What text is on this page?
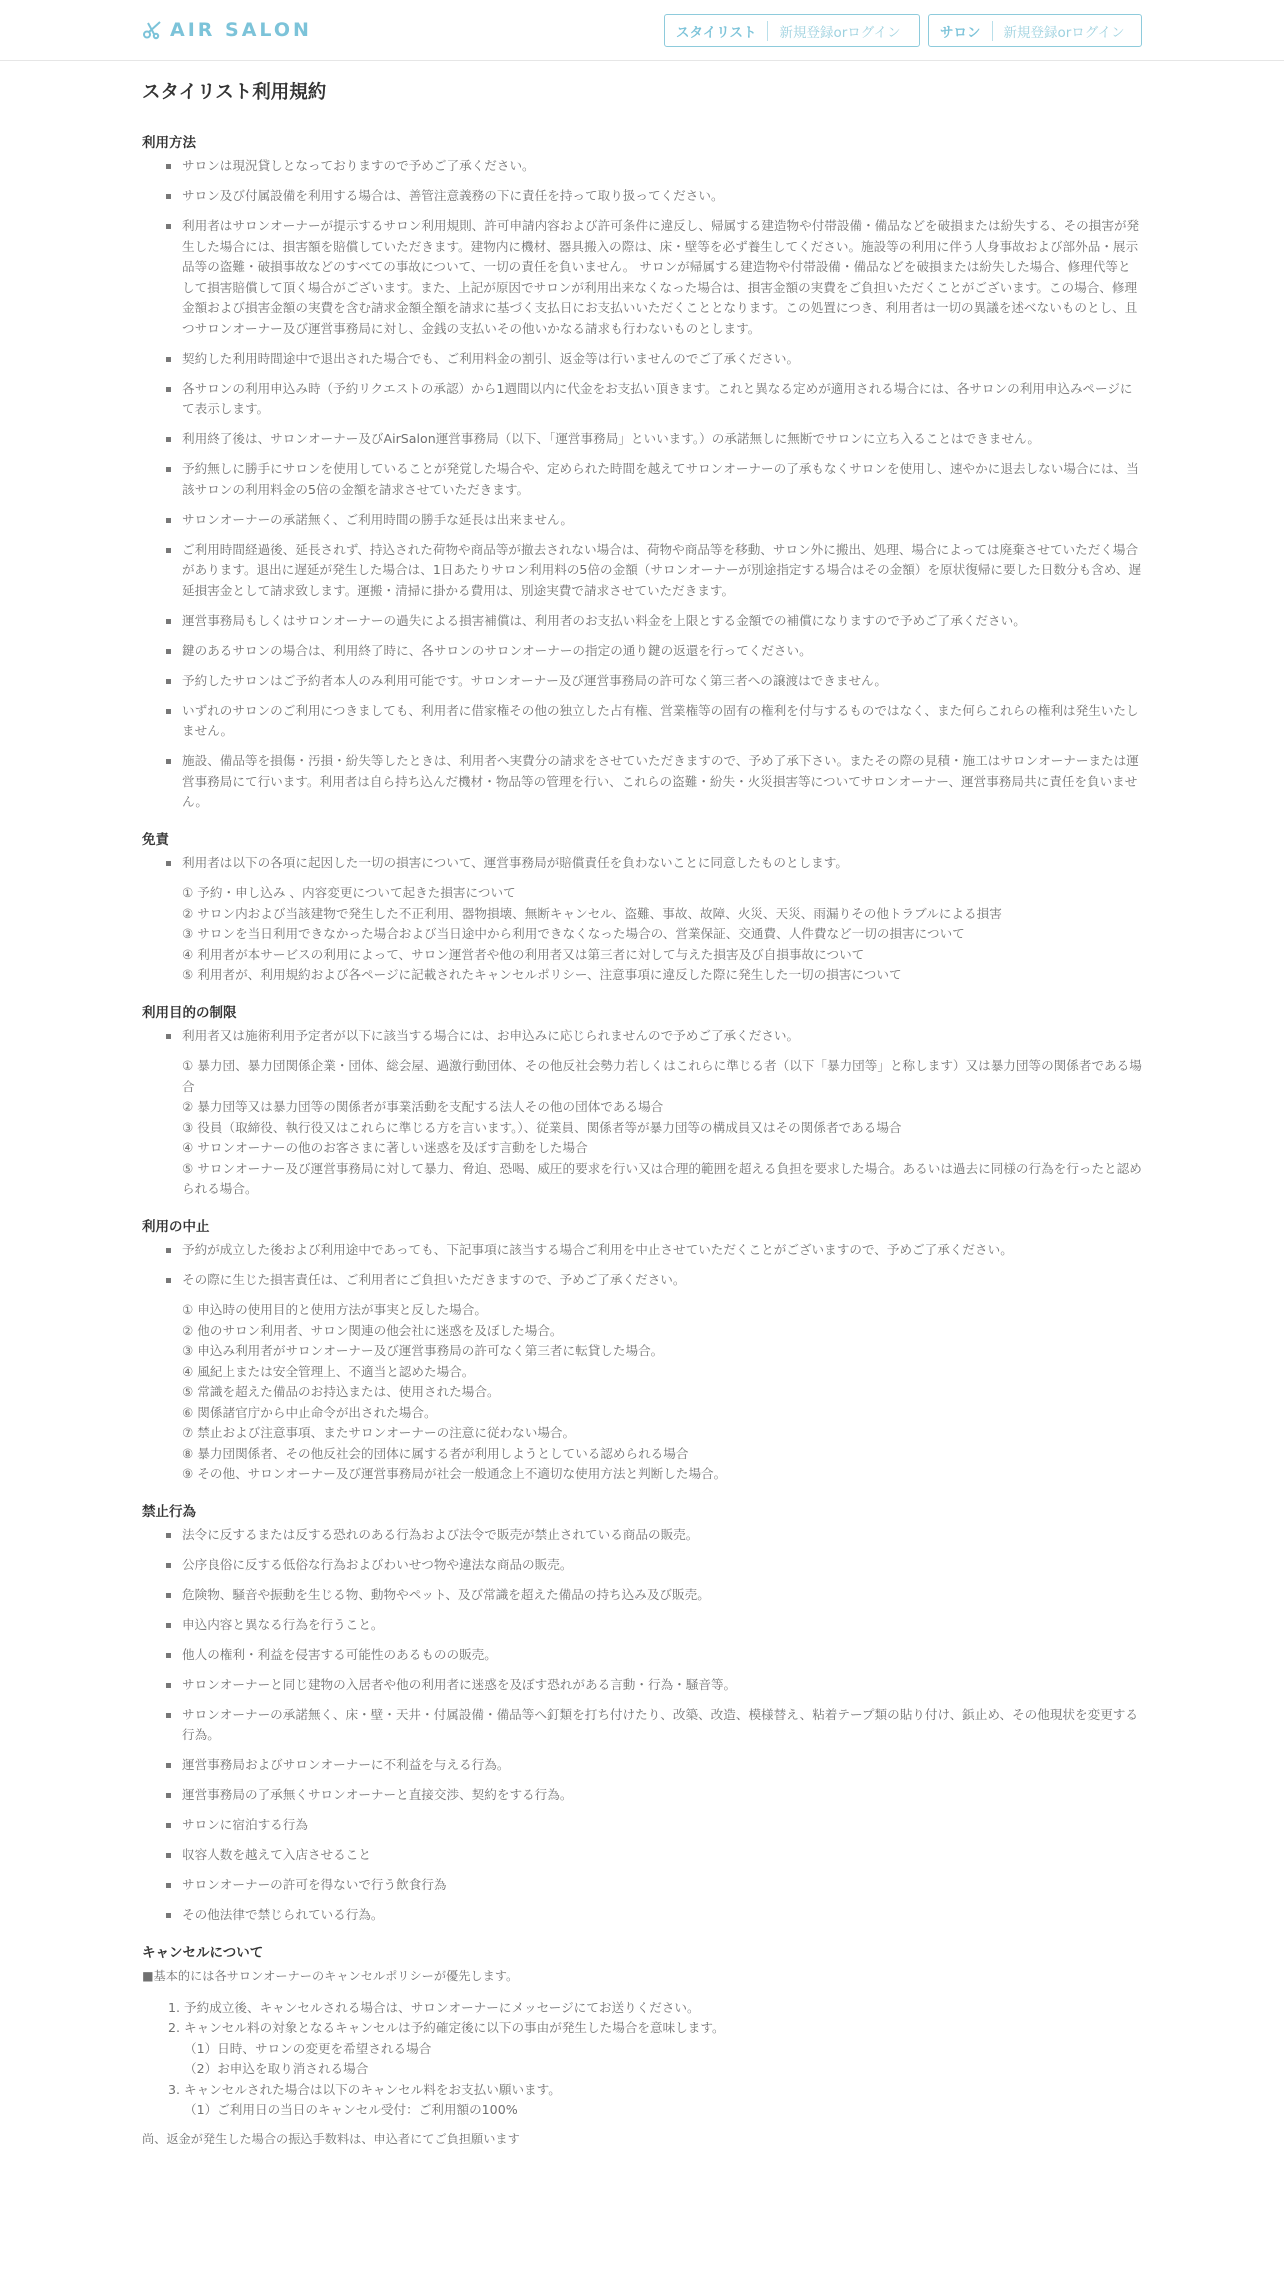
AIR SALON	スタイリスト	新規登録orログイン	サロン	新規登録orログイン
スタイリスト利用規約
利用方法
サロンは現況貸しとなっておりますので予めご了承ください。
サロン及び付属設備を利用する場合は、善管注意義務の下に責任を持って取り扱ってください。
利用者はサロンオーナーが提示するサロン利用規則、許可申請内容および許可条件に違反し、帰属する建造物や付帯設備・備品などを破損または紛失する、その損害が発生した場合には、損害額を賠償していただきます。建物内に機材、器具搬入の際は、床・壁等を必ず養生してください。施設等の利用に伴う人身事故および部外品・展示品等の盗難・破損事故などのすべての事故について、一切の責任を負いません。 サロンが帰属する建造物や付帯設備・備品などを破損または紛失した場合、修理代等として損害賠償して頂く場合がございます。また、上記が原因でサロンが利用出来なくなった場合は、損害金額の実費をご負担いただくことがございます。この場合、修理金額および損害金額の実費を含む請求金額全額を請求に基づく支払日にお支払いいただくこととなります。この処置につき、利用者は一切の異議を述べないものとし、且つサロンオーナー及び運営事務局に対し、金銭の支払いその他いかなる請求も行わないものとします。
契約した利用時間途中で退出された場合でも、ご利用料金の割引、返金等は行いませんのでご了承ください。
各サロンの利用申込み時（予約リクエストの承認）から1週間以内に代金をお支払い頂きます。これと異なる定めが適用される場合には、各サロンの利用申込みページにて表示します。
利用終了後は、サロンオーナー及びAirSalon運営事務局（以下、「運営事務局」といいます。）の承諾無しに無断でサロンに立ち入ることはできません。
予約無しに勝手にサロンを使用していることが発覚した場合や、定められた時間を越えてサロンオーナーの了承もなくサロンを使用し、速やかに退去しない場合には、当該サロンの利用料金の5倍の金額を請求させていただきます。
サロンオーナーの承諾無く、ご利用時間の勝手な延長は出来ません。
ご利用時間経過後、延長されず、持込された荷物や商品等が撤去されない場合は、荷物や商品等を移動、サロン外に搬出、処理、場合によっては廃棄させていただく場合があります。退出に遅延が発生した場合は、1日あたりサロン利用料の5倍の金額（サロンオーナーが別途指定する場合はその金額）を原状復帰に要した日数分も含め、遅延損害金として請求致します。運搬・清掃に掛かる費用は、別途実費で請求させていただきます。
運営事務局もしくはサロンオーナーの過失による損害補償は、利用者のお支払い料金を上限とする金額での補償になりますので予めご了承ください。
鍵のあるサロンの場合は、利用終了時に、各サロンのサロンオーナーの指定の通り鍵の返還を行ってください。
予約したサロンはご予約者本人のみ利用可能です。サロンオーナー及び運営事務局の許可なく第三者への譲渡はできません。
いずれのサロンのご利用につきましても、利用者に借家権その他の独立した占有権、営業権等の固有の権利を付与するものではなく、また何らこれらの権利は発生いたしません。
施設、備品等を損傷・汚損・紛失等したときは、利用者へ実費分の請求をさせていただきますので、予め了承下さい。またその際の見積・施工はサロンオーナーまたは運営事務局にて行います。利用者は自ら持ち込んだ機材・物品等の管理を行い、これらの盗難・紛失・火災損害等についてサロンオーナー、運営事務局共に責任を負いません。
免責
利用者は以下の各項に起因した一切の損害について、運営事務局が賠償責任を負わないことに同意したものとします。
① 予約・申し込み 、内容変更について起きた損害について
② サロン内および当該建物で発生した不正利用、器物損壊、無断キャンセル、盗難、事故、故障、火災、天災、雨漏りその他トラブルによる損害
③ サロンを当日利用できなかった場合および当日途中から利用できなくなった場合の、営業保証、交通費、人件費など一切の損害について
④ 利用者が本サービスの利用によって、サロン運営者や他の利用者又は第三者に対して与えた損害及び自損事故について
⑤ 利用者が、利用規約および各ページに記載されたキャンセルポリシー、注意事項に違反した際に発生した一切の損害について
利用目的の制限
利用者又は施術利用予定者が以下に該当する場合には、お申込みに応じられませんので予めご了承ください。
① 暴力団、暴力団関係企業・団体、総会屋、過激行動団体、その他反社会勢力若しくはこれらに準じる者（以下「暴力団等」と称します）又は暴力団等の関係者である場合
② 暴力団等又は暴力団等の関係者が事業活動を支配する法人その他の団体である場合
③ 役員（取締役、執行役又はこれらに準じる方を言います。）、従業員、関係者等が暴力団等の構成員又はその関係者である場合
④ サロンオーナーの他のお客さまに著しい迷惑を及ぼす言動をした場合
⑤ サロンオーナー及び運営事務局に対して暴力、脅迫、恐喝、威圧的要求を行い又は合理的範囲を超える負担を要求した場合。あるいは過去に同様の行為を行ったと認められる場合。
利用の中止
予約が成立した後および利用途中であっても、下記事項に該当する場合ご利用を中止させていただくことがございますので、予めご了承ください。
その際に生じた損害責任は、ご利用者にご負担いただきますので、予めご了承ください。
① 申込時の使用目的と使用方法が事実と反した場合。
② 他のサロン利用者、サロン関連の他会社に迷惑を及ぼした場合。
③ 申込み利用者がサロンオーナー及び運営事務局の許可なく第三者に転貸した場合。
④ 風紀上または安全管理上、不適当と認めた場合。
⑤ 常識を超えた備品のお持込または、使用された場合。
⑥ 関係諸官庁から中止命令が出された場合。
⑦ 禁止および注意事項、またサロンオーナーの注意に従わない場合。
⑧ 暴力団関係者、その他反社会的団体に属する者が利用しようとしている認められる場合
⑨ その他、サロンオーナー及び運営事務局が社会一般通念上不適切な使用方法と判断した場合。
禁止行為
法令に反するまたは反する恐れのある行為および法令で販売が禁止されている商品の販売。
公序良俗に反する低俗な行為およびわいせつ物や違法な商品の販売。
危険物、騒音や振動を生じる物、動物やペット、及び常識を超えた備品の持ち込み及び販売。
申込内容と異なる行為を行うこと。
他人の権利・利益を侵害する可能性のあるものの販売。
サロンオーナーと同じ建物の入居者や他の利用者に迷惑を及ぼす恐れがある言動・行為・騒音等。
サロンオーナーの承諾無く、床・壁・天井・付属設備・備品等へ釘類を打ち付けたり、改築、改造、模様替え、粘着テープ類の貼り付け、鋲止め、その他現状を変更する行為。
運営事務局およびサロンオーナーに不利益を与える行為。
運営事務局の了承無くサロンオーナーと直接交渉、契約をする行為。
サロンに宿泊する行為
収容人数を越えて入店させること
サロンオーナーの許可を得ないで行う飲食行為
その他法律で禁じられている行為。
キャンセルについて

■基本的には各サロンオーナーのキャンセルポリシーが優先します。

1. 予約成立後、キャンセルされる場合は、サロンオーナーにメッセージにてお送りください。
2. キャンセル料の対象となるキャンセルは予約確定後に以下の事由が発生した場合を意味します。
（1）日時、サロンの変更を希望される場合
（2）お申込を取り消される場合
3. キャンセルされた場合は以下のキャンセル料をお支払い願います。
（1）ご利用日の当日のキャンセル受付：ご利用額の100%

尚、返金が発生した場合の振込手数料は、申込者にてご負担願います
